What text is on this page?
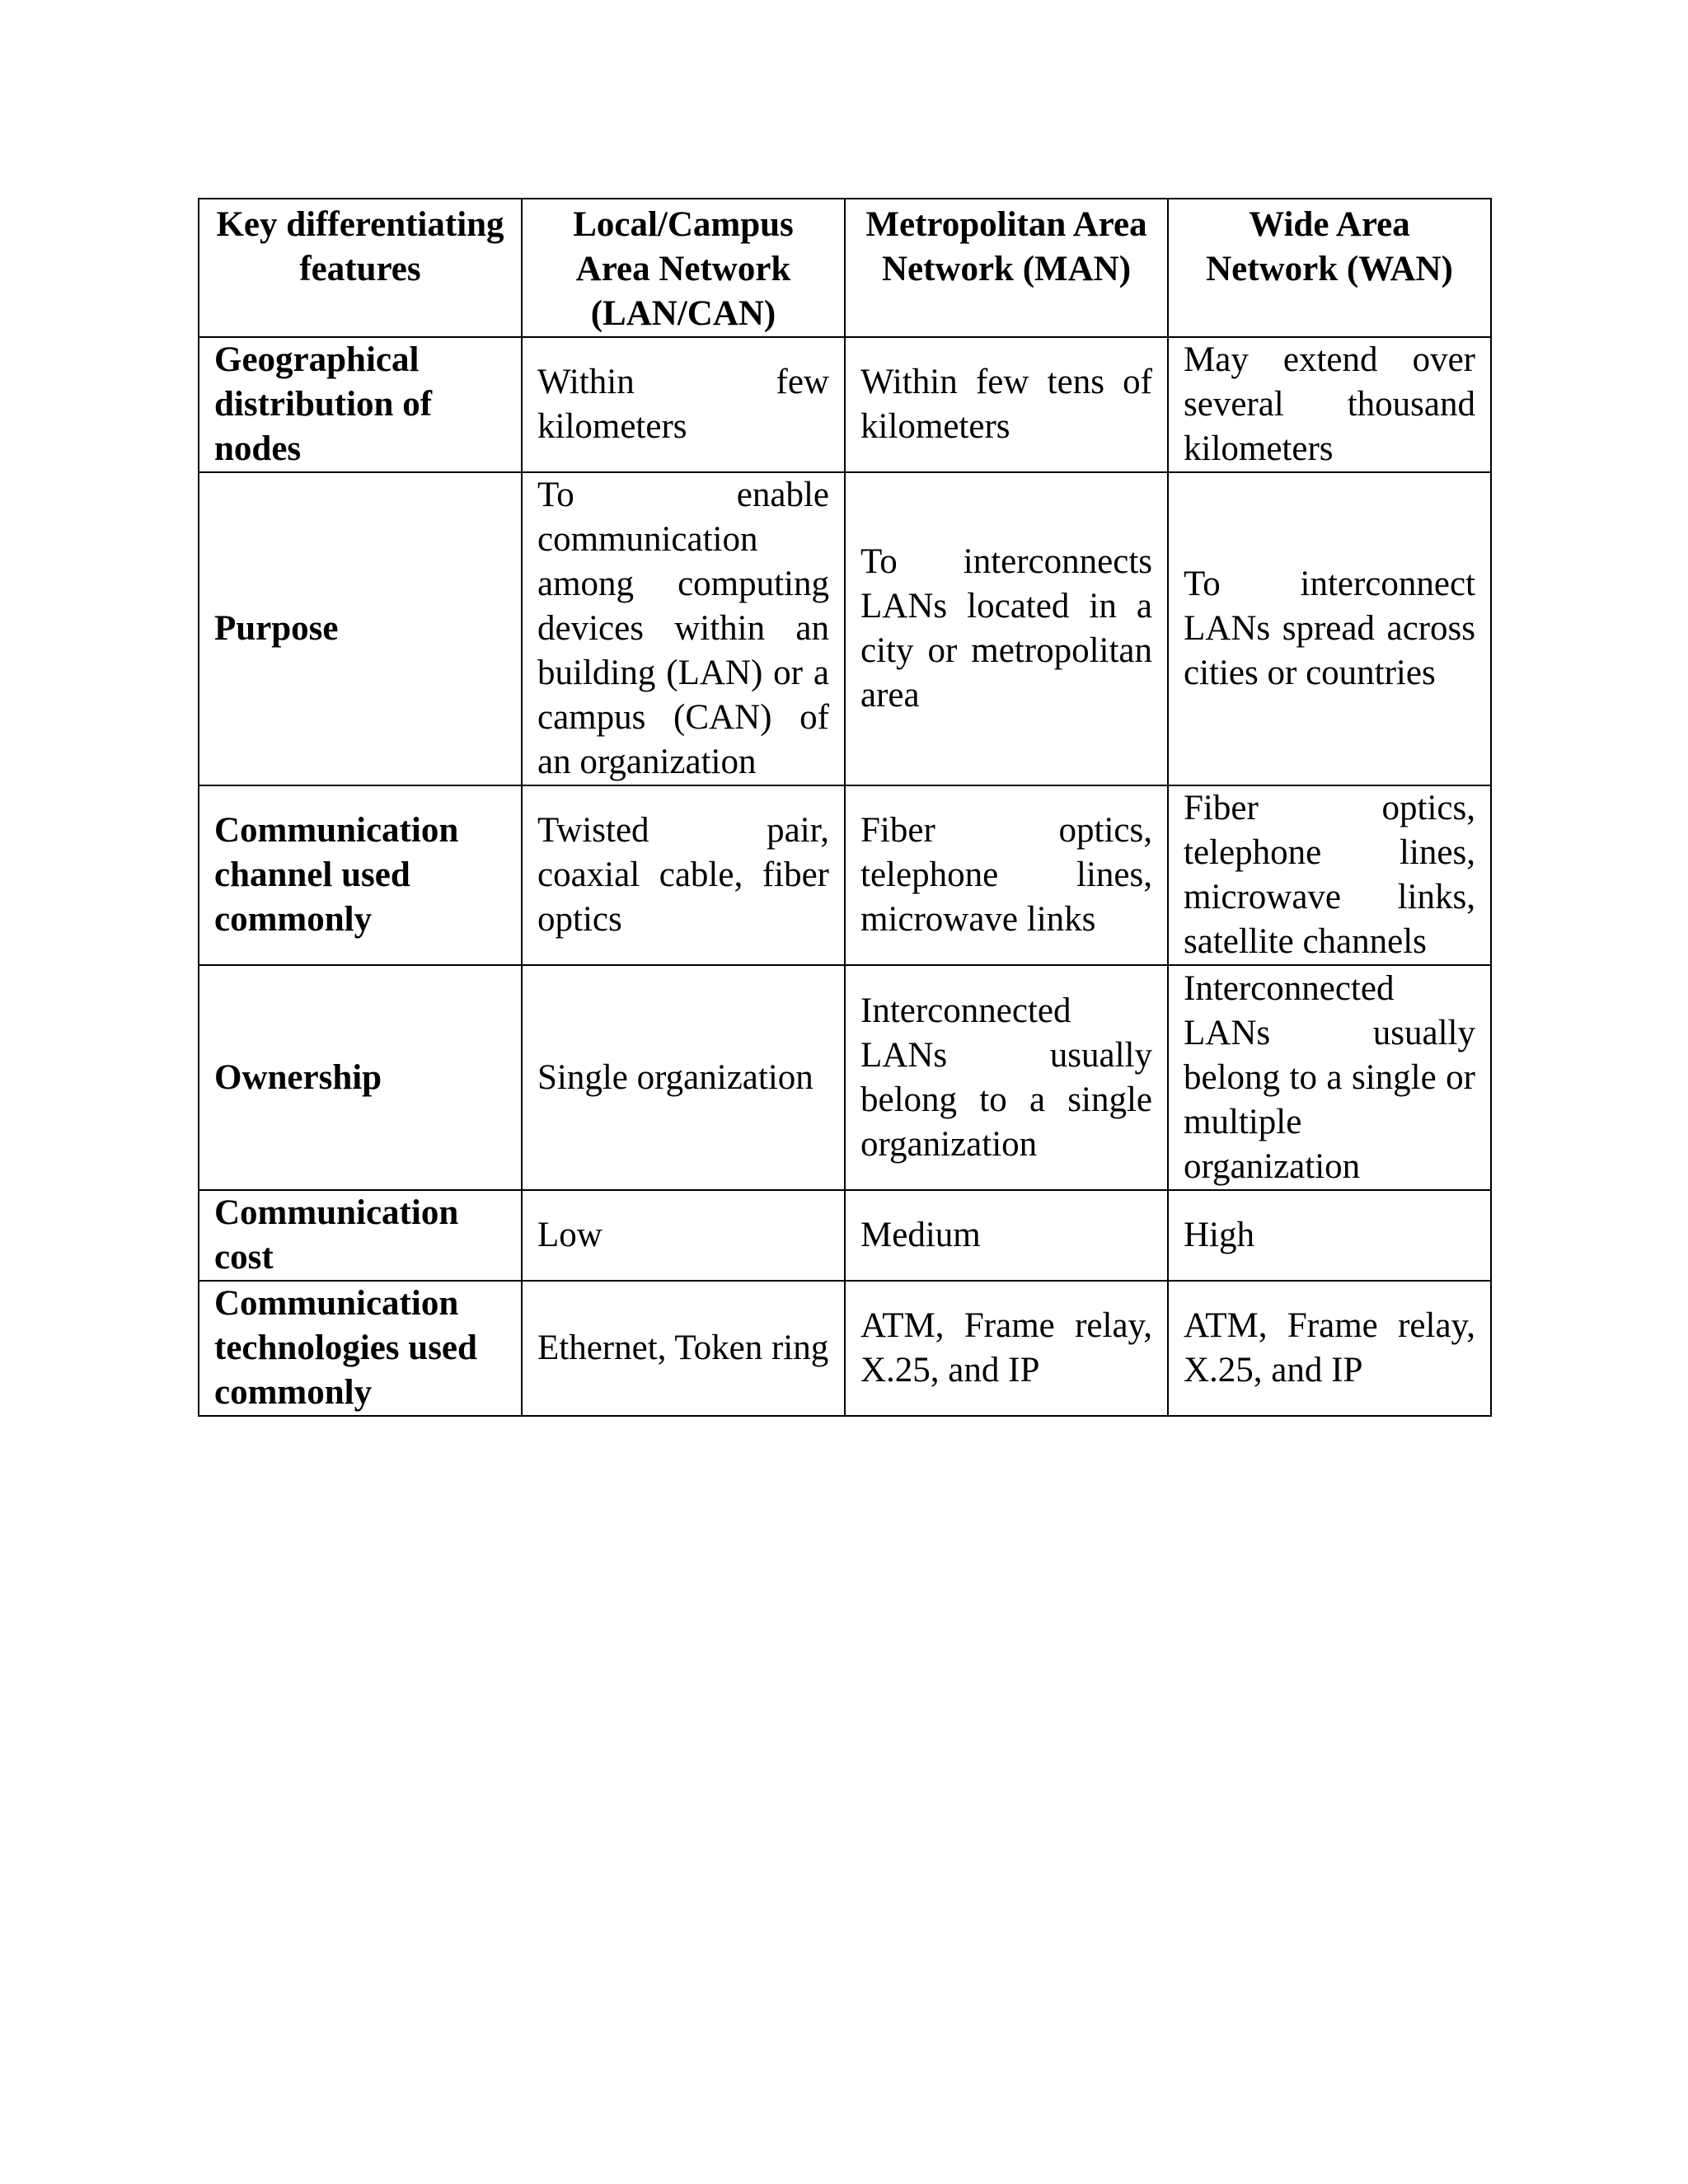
Key differentiating features	Local/Campus Area Network (LAN/CAN)	Metropolitan Area Network (MAN)	Wide Area Network (WAN)
Geographical distribution of nodes	Within few kilometers	Within few tens of kilometers	May extend over several thousand kilometers
Purpose	To enable communication among computing devices within an building (LAN) or a campus (CAN) of an organization	To interconnects LANs located in a city or metropolitan area	To interconnect LANs spread across cities or countries
Communication channel used commonly	Twisted pair, coaxial cable, fiber optics	Fiber optics, telephone lines, microwave links	Fiber optics, telephone lines, microwave links, satellite channels
Ownership	Single organization	Interconnected LANs usually belong to a single organization	Interconnected LANs usually belong to a single or multiple organization
Communication cost	Low	Medium	High
Communication technologies used commonly	Ethernet, Token ring	ATM, Frame relay, X.25, and IP	ATM, Frame relay, X.25, and IP
